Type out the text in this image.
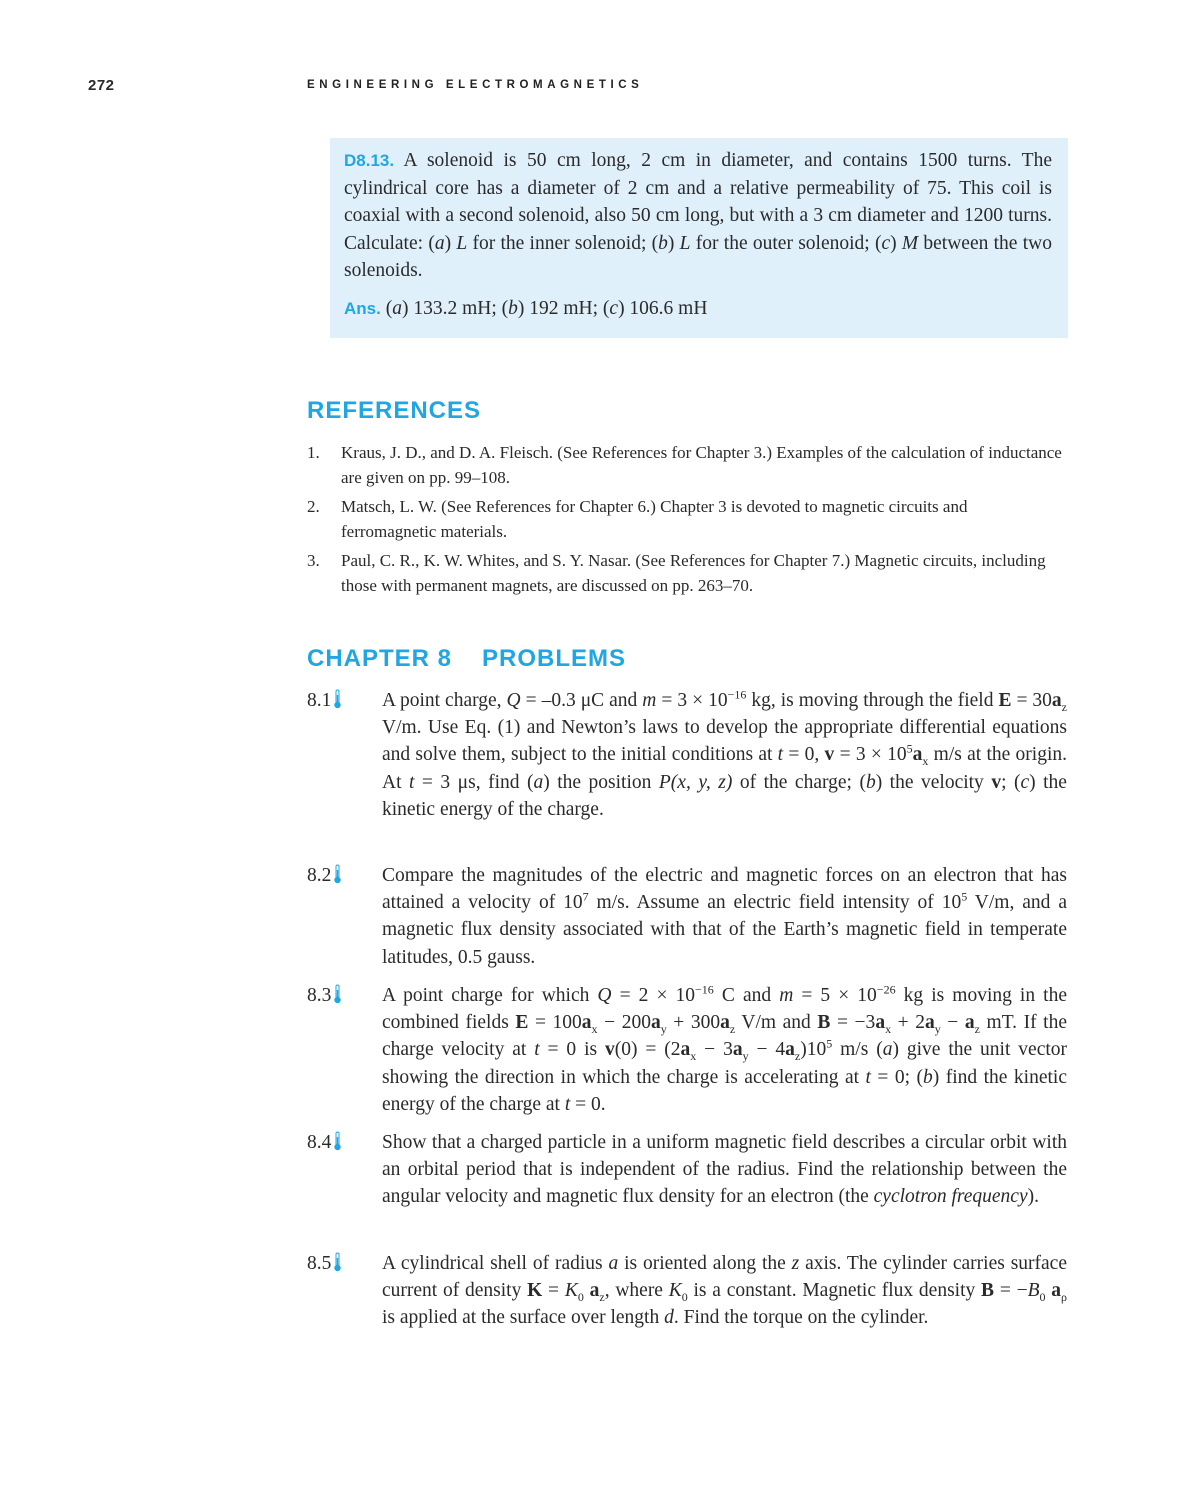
272	ENGINEERING ELECTROMAGNETICS
D8.13. A solenoid is 50 cm long, 2 cm in diameter, and contains 1500 turns. The cylindrical core has a diameter of 2 cm and a relative permeability of 75. This coil is coaxial with a second solenoid, also 50 cm long, but with a 3 cm diameter and 1200 turns. Calculate: (a) L for the inner solenoid; (b) L for the outer solenoid; (c) M between the two solenoids.
Ans. (a) 133.2 mH; (b) 192 mH; (c) 106.6 mH
REFERENCES
1.	Kraus, J. D., and D. A. Fleisch. (See References for Chapter 3.) Examples of the calculation of inductance are given on pp. 99–108.
2.	Matsch, L. W. (See References for Chapter 6.) Chapter 3 is devoted to magnetic circuits and ferromagnetic materials.
3.	Paul, C. R., K. W. Whites, and S. Y. Nasar. (See References for Chapter 7.) Magnetic circuits, including those with permanent magnets, are discussed on pp. 263–70.
CHAPTER 8 PROBLEMS
8.1	A point charge, Q = –0.3 μC and $m = 3 \times 10^{-16}$ kg, is moving through the field $E = 30a_z$ V/m. Use Eq. (1) and Newton’s laws to develop the appropriate differential equations and solve them, subject to the initial conditions at t = 0, $v = 3 \times 10^5a_x$ m/s at the origin. At t = 3 μs, find (a) the position P(x, y, z) of the charge; (b) the velocity v; (c) the kinetic energy of the charge.
8.2	Compare the magnitudes of the electric and magnetic forces on an electron that has attained a velocity of $10^7$ m/s. Assume an electric field intensity of $10^5$ V/m, and a magnetic flux density associated with that of the Earth’s magnetic field in temperate latitudes, 0.5 gauss.
8.3	A point charge for which $Q = 2 \times 10^{-16}$ C and $m = 5 \times 10^{-26}$ kg is moving in the combined fields $E = 100a_x - 200a_y + 300a_z$ V/m and $B = -3a_x + 2a_y - a_z$ mT. If the charge velocity at t = 0 is $v(0) = (2a_x - 3a_y - 4a_z)10^5$ m/s (a) give the unit vector showing the direction in which the charge is accelerating at t = 0; (b) find the kinetic energy of the charge at t = 0.
8.4	Show that a charged particle in a uniform magnetic field describes a circular orbit with an orbital period that is independent of the radius. Find the relationship between the angular velocity and magnetic flux density for an electron (the cyclotron frequency).
8.5	A cylindrical shell of radius a is oriented along the z axis. The cylinder carries surface current of density $K = K_0$ $a_z$, where $K_0$ is a constant. Magnetic flux density $B = -B_0$ $a_\rho$ is applied at the surface over length d. Find the torque on the cylinder.
